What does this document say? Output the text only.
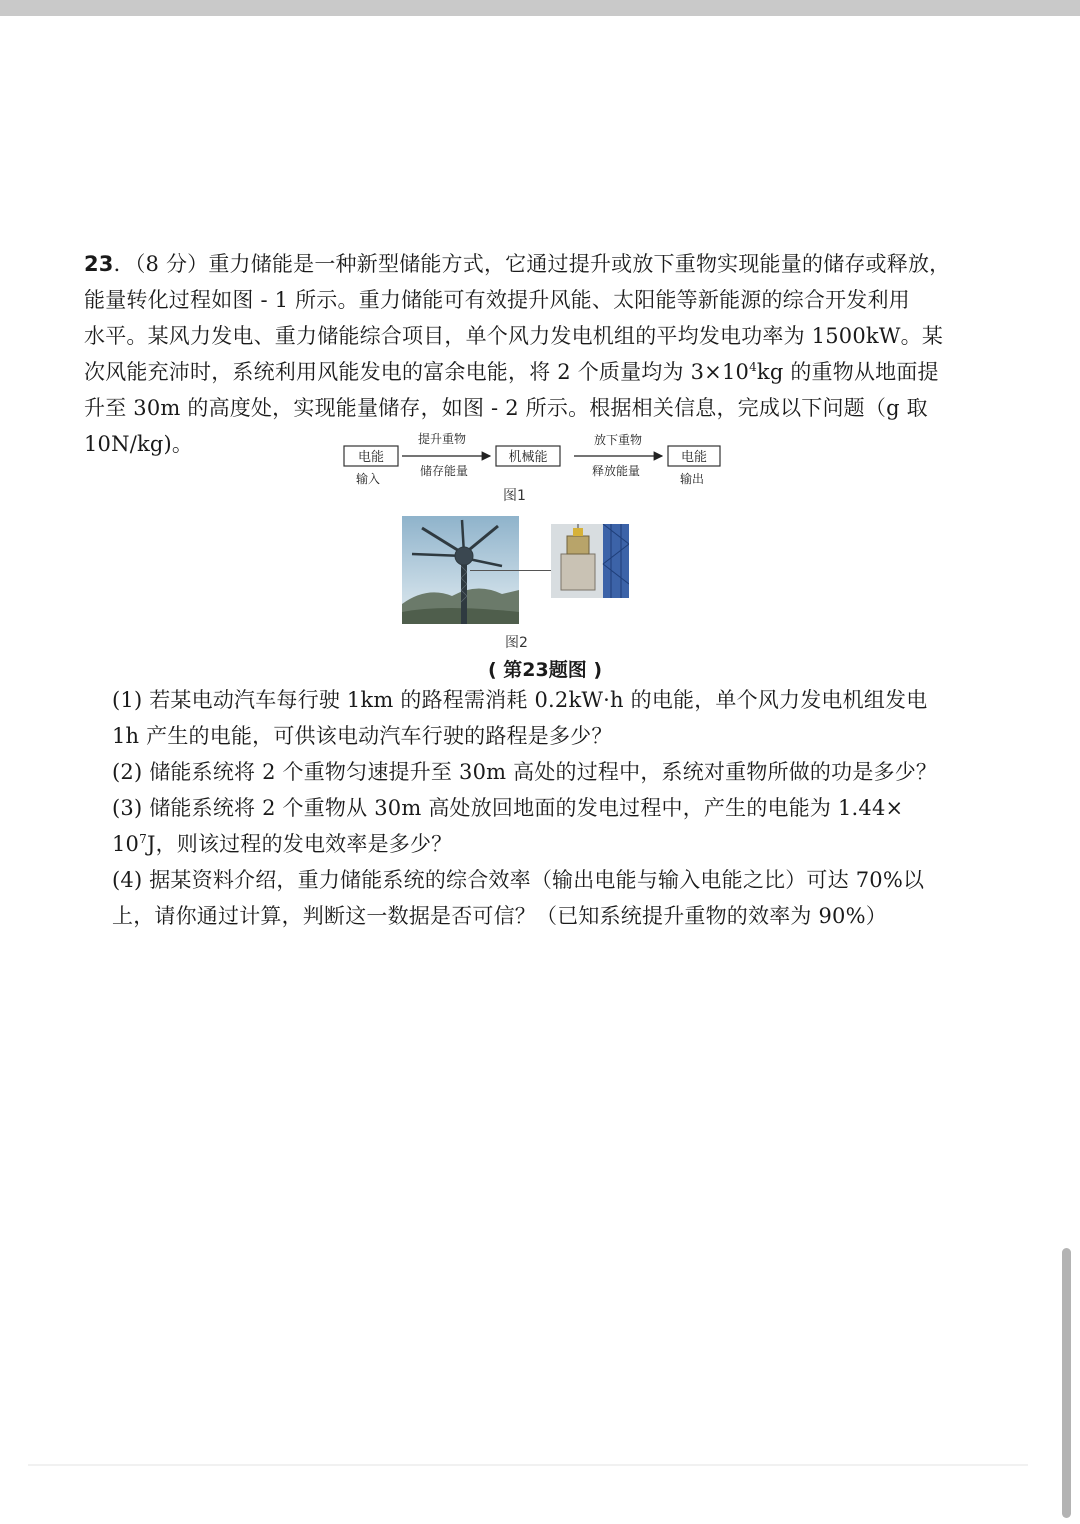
23．（8 分）重力储能是一种新型储能方式，它通过提升或放下重物实现能量的储存或释放，
能量转化过程如图 - 1 所示。重力储能可有效提升风能、太阳能等新能源的综合开发利用
水平。某风力发电、重力储能综合项目，单个风力发电机组的平均发电功率为 1500kW。某
次风能充沛时，系统利用风能发电的富余电能，将 2 个质量均为 $3\times 10^4kg$ 的重物从地面提
升至 30m 的高度处，实现能量储存，如图 - 2 所示。根据相关信息，完成以下问题（g 取
10N/kg)。
电能
输入
提升重物
储存能量
机械能
放下重物
释放能量
电能
输出
图1
图2
( 第23题图 )
(1) 若某电动汽车每行驶 1km 的路程需消耗 0.2kW·h 的电能，单个风力发电机组发电
1h 产生的电能，可供该电动汽车行驶的路程是多少？
(2) 储能系统将 2 个重物匀速提升至 30m 高处的过程中，系统对重物所做的功是多少？
(3) 储能系统将 2 个重物从 30m 高处放回地面的发电过程中，产生的电能为 1.44×
$10^7J$，则该过程的发电效率是多少？
(4) 据某资料介绍，重力储能系统的综合效率（输出电能与输入电能之比）可达 70%以
上，请你通过计算，判断这一数据是否可信？（已知系统提升重物的效率为 90%）
